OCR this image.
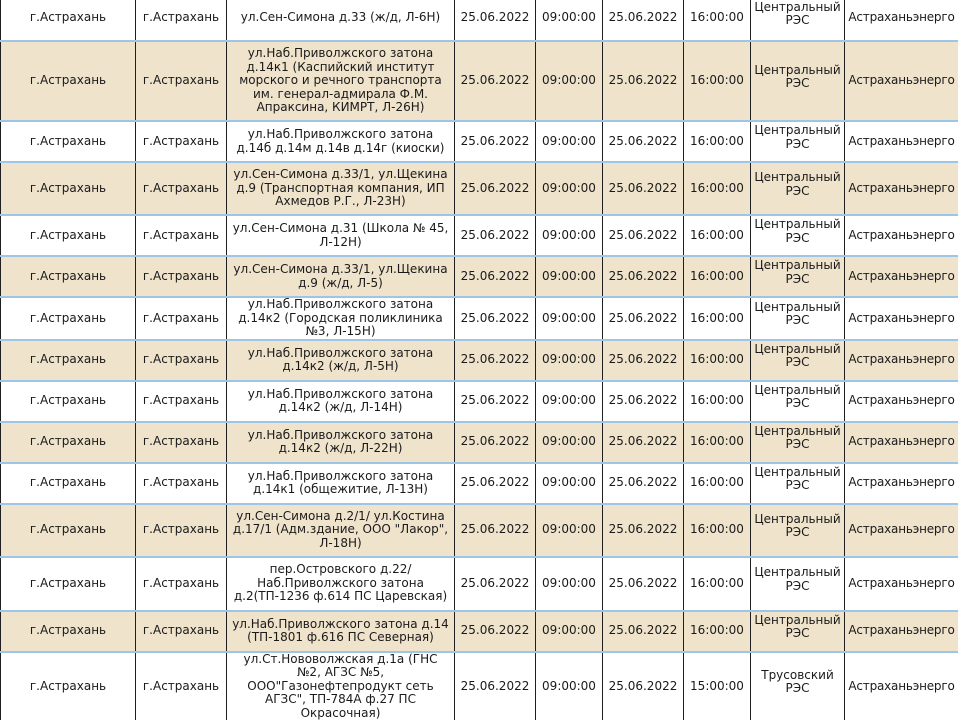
г.Астрахань	г.Астрахань	ул.Сен-Симона д.33 (ж/д, Л-6Н)	25.06.2022	09:00:00	25.06.2022	16:00:00	Центральный РЭС	Астраханьэнерго
г.Астрахань	г.Астрахань	ул.Наб.Приволжского затона д.14к1 (Каспийский институт морского и речного транспорта им. генерал-адмирала Ф.М. Апраксина, КИМРТ, Л-26Н)	25.06.2022	09:00:00	25.06.2022	16:00:00	Центральный РЭС	Астраханьэнерго
г.Астрахань	г.Астрахань	ул.Наб.Приволжского затона д.14б д.14м д.14в д.14г (киоски)	25.06.2022	09:00:00	25.06.2022	16:00:00	Центральный РЭС	Астраханьэнерго
г.Астрахань	г.Астрахань	ул.Сен-Симона д.33/1, ул.Щекина д.9 (Транспортная компания, ИП Ахмедов Р.Г., Л-23Н)	25.06.2022	09:00:00	25.06.2022	16:00:00	Центральный РЭС	Астраханьэнерго
г.Астрахань	г.Астрахань	ул.Сен-Симона д.31 (Школа № 45, Л-12Н)	25.06.2022	09:00:00	25.06.2022	16:00:00	Центральный РЭС	Астраханьэнерго
г.Астрахань	г.Астрахань	ул.Сен-Симона д.33/1, ул.Щекина д.9 (ж/д, Л-5)	25.06.2022	09:00:00	25.06.2022	16:00:00	Центральный РЭС	Астраханьэнерго
г.Астрахань	г.Астрахань	ул.Наб.Приволжского затона д.14к2 (Городская поликлиника №3, Л-15Н)	25.06.2022	09:00:00	25.06.2022	16:00:00	Центральный РЭС	Астраханьэнерго
г.Астрахань	г.Астрахань	ул.Наб.Приволжского затона д.14к2 (ж/д, Л-5Н)	25.06.2022	09:00:00	25.06.2022	16:00:00	Центральный РЭС	Астраханьэнерго
г.Астрахань	г.Астрахань	ул.Наб.Приволжского затона д.14к2 (ж/д, Л-14Н)	25.06.2022	09:00:00	25.06.2022	16:00:00	Центральный РЭС	Астраханьэнерго
г.Астрахань	г.Астрахань	ул.Наб.Приволжского затона д.14к2 (ж/д, Л-22Н)	25.06.2022	09:00:00	25.06.2022	16:00:00	Центральный РЭС	Астраханьэнерго
г.Астрахань	г.Астрахань	ул.Наб.Приволжского затона д.14к1 (общежитие, Л-13Н)	25.06.2022	09:00:00	25.06.2022	16:00:00	Центральный РЭС	Астраханьэнерго
г.Астрахань	г.Астрахань	ул.Сен-Симона д.2/1/ ул.Костина д.17/1 (Адм.здание, ООО "Лакор", Л-18Н)	25.06.2022	09:00:00	25.06.2022	16:00:00	Центральный РЭС	Астраханьэнерго
г.Астрахань	г.Астрахань	пер.Островского д.22/ Наб.Приволжского затона д.2(ТП-1236 ф.614 ПС Царевская)	25.06.2022	09:00:00	25.06.2022	16:00:00	Центральный РЭС	Астраханьэнерго
г.Астрахань	г.Астрахань	ул.Наб.Приволжского затона д.14 (ТП-1801 ф.616 ПС Северная)	25.06.2022	09:00:00	25.06.2022	16:00:00	Центральный РЭС	Астраханьэнерго
г.Астрахань	г.Астрахань	ул.Ст.Нововолжская д.1а (ГНС №2, АГЗС №5, ООО"Газонефтепродукт сеть АГЗС", ТП-784А ф.27 ПС Окрасочная)	25.06.2022	09:00:00	25.06.2022	15:00:00	Трусовский РЭС	Астраханьэнерго
